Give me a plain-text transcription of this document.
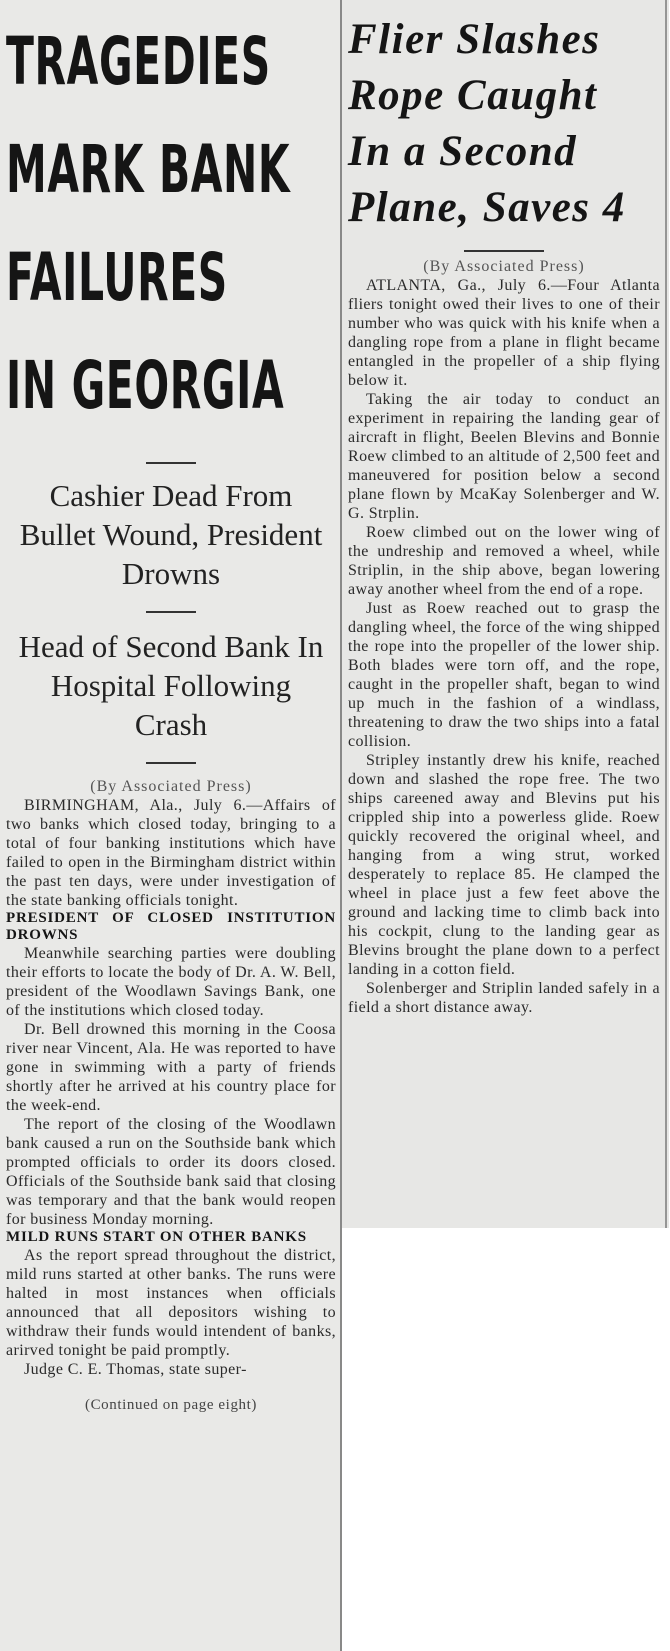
TRAGEDIES
MARK BANK
FAILURES
IN GEORGIA

Cashier Dead From Bullet Wound, President Drowns

Head of Second Bank In Hospital Following Crash

(By Associated Press)

BIRMINGHAM, Ala., July 6.—Affairs of two banks which closed today, bringing to a total of four banking institutions which have failed to open in the Birmingham district within the past ten days, were under investigation of the state banking officials tonight.

PRESIDENT OF CLOSED INSTITUTION DROWNS

Meanwhile searching parties were doubling their efforts to locate the body of Dr. A. W. Bell, president of the Woodlawn Savings Bank, one of the institutions which closed today.

Dr. Bell drowned this morning in the Coosa river near Vincent, Ala. He was reported to have gone in swimming with a party of friends shortly after he arrived at his country place for the week-end.

The report of the closing of the Woodlawn bank caused a run on the Southside bank which prompted officials to order its doors closed. Officials of the Southside bank said that closing was temporary and that the bank would reopen for business Monday morning.

MILD RUNS START ON OTHER BANKS

As the report spread throughout the district, mild runs started at other banks. The runs were halted in most instances when officials announced that all depositors wishing to withdraw their funds would intendent of banks, arirved tonight be paid promptly.

Judge C. E. Thomas, state super-

(Continued on page eight)
Flier Slashes
Rope Caught
In a Second
Plane, Saves 4

(By Associated Press)

ATLANTA, Ga., July 6.—Four Atlanta fliers tonight owed their lives to one of their number who was quick with his knife when a dangling rope from a plane in flight became entangled in the propeller of a ship flying below it.

Taking the air today to conduct an experiment in repairing the landing gear of aircraft in flight, Beelen Blevins and Bonnie Roew climbed to an altitude of 2,500 feet and maneuvered for position below a second plane flown by McaKay Solenberger and W. G. Strplin.

Roew climbed out on the lower wing of the undreship and removed a wheel, while Striplin, in the ship above, began lowering away another wheel from the end of a rope.

Just as Roew reached out to grasp the dangling wheel, the force of the wing shipped the rope into the propeller of the lower ship. Both blades were torn off, and the rope, caught in the propeller shaft, began to wind up much in the fashion of a windlass, threatening to draw the two ships into a fatal collision.

Stripley instantly drew his knife, reached down and slashed the rope free. The two ships careened away and Blevins put his crippled ship into a powerless glide. Roew quickly recovered the original wheel, and hanging from a wing strut, worked desperately to replace 85. He clamped the wheel in place just a few feet above the ground and lacking time to climb back into his cockpit, clung to the landing gear as Blevins brought the plane down to a perfect landing in a cotton field.

Solenberger and Striplin landed safely in a field a short distance away.
